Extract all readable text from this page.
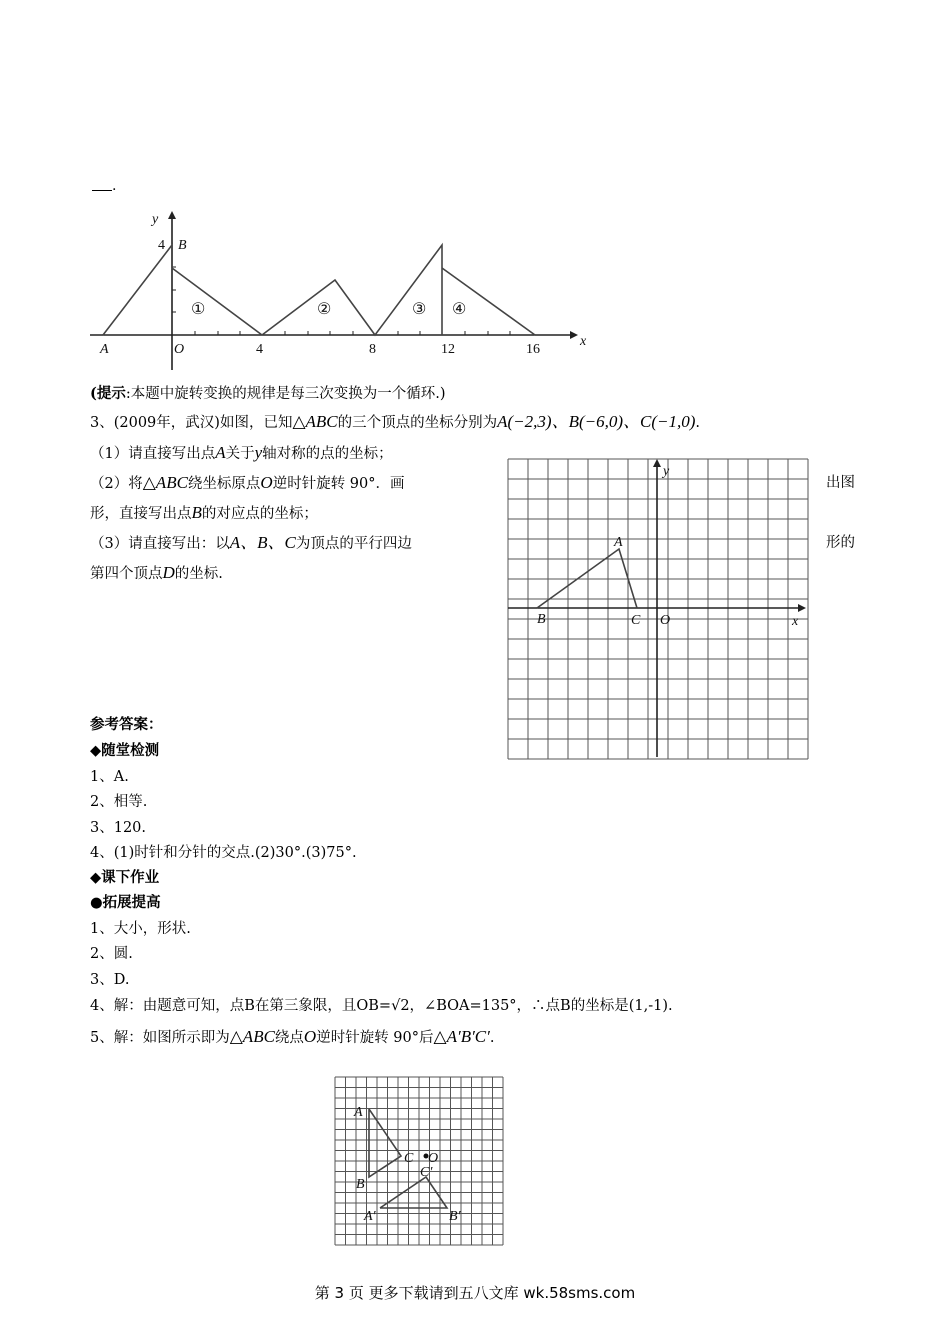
.
y
x
4 B
A	O	4	8	12	16
①	②	③ ④
(提示:本题中旋转变换的规律是每三次变换为一个循环.)
3、(2009年，武汉)如图，已知△ABC的三个顶点的坐标分别为A(−2,3)、B(−6,0)、C(−1,0).
（1）请直接写出点A关于y轴对称的点的坐标；
（2）将△ABC绕坐标原点O逆时针旋转 90°．画	出图
形，直接写出点B的对应点的坐标；
（3）请直接写出：以A、B、C为顶点的平行四边	形的
第四个顶点D的坐标.
y
x
A
B	C O
参考答案：
◆随堂检测
1、A.
2、相等.
3、120.
4、(1)时针和分针的交点.(2)30°.(3)75°.
◆课下作业
●拓展提高
1、大小，形状.
2、圆.
3、D.
4、解：由题意可知，点B在第三象限，且OB=√2，∠BOA=135°，∴点B的坐标是(1,-1).
5、解：如图所示即为△ABC绕点O逆时针旋转 90°后△A′B′C′.
A
B
C O
C′
A′	B′
第 3 页 更多下载请到五八文库 wk.58sms.com
